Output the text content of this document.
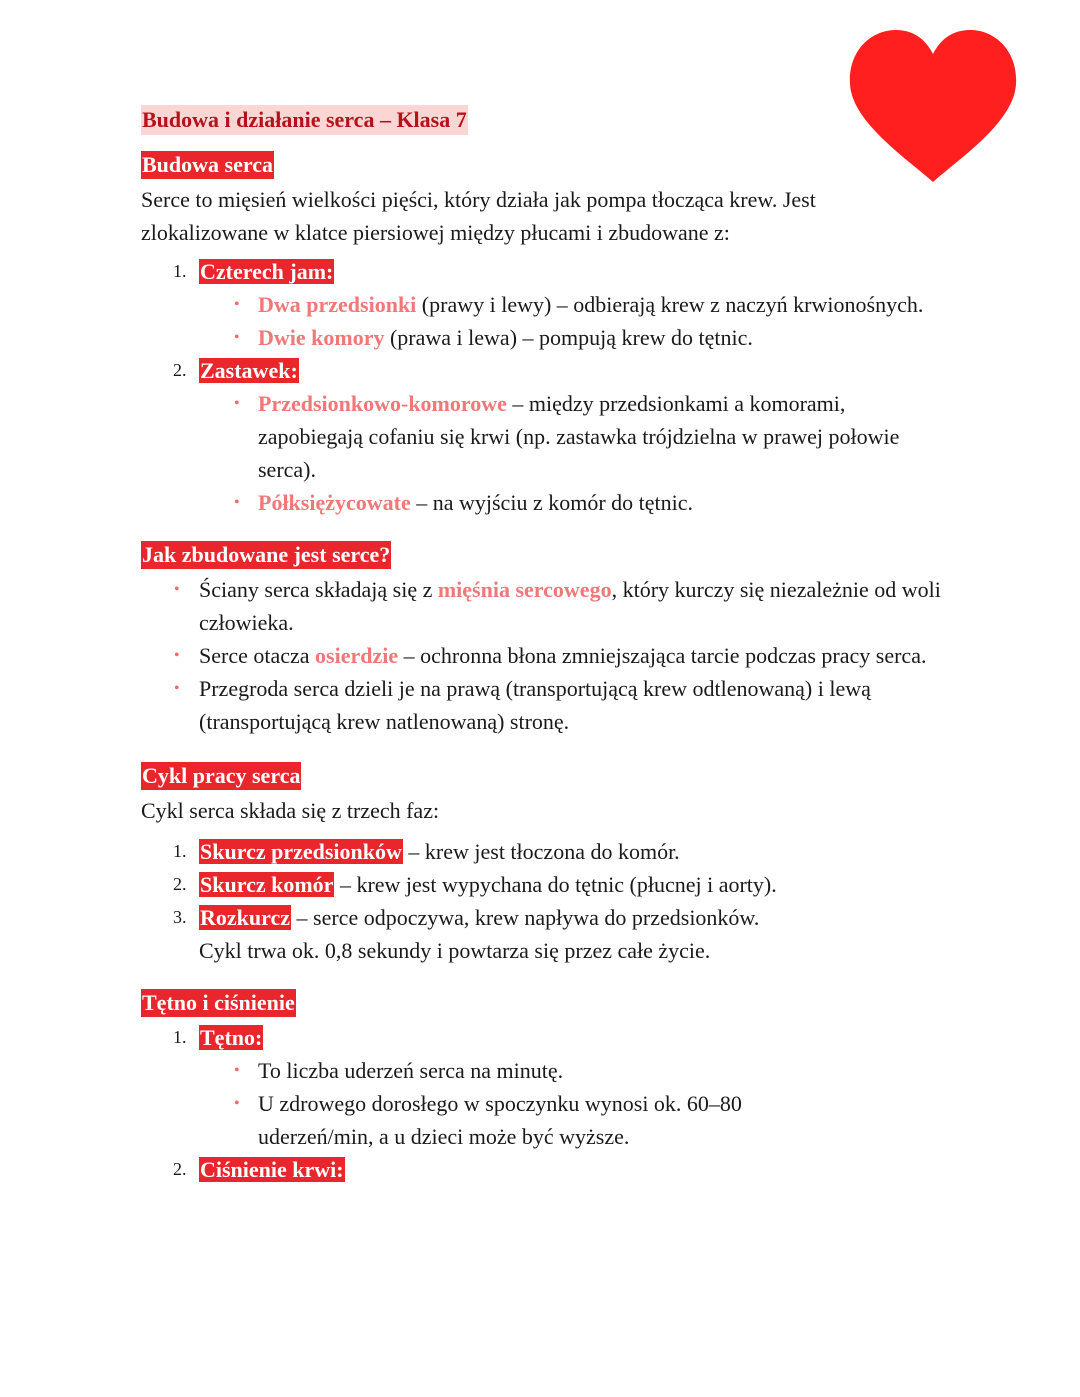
Budowa i działanie serca – Klasa 7
Budowa serca

Serce to mięsień wielkości pięści, który działa jak pompa tłocząca krew. Jest zlokalizowane w klatce piersiowej między płucami i zbudowane z:

1. Czterech jam:
• Dwa przedsionki (prawy i lewy) – odbierają krew z naczyń krwionośnych.
• Dwie komory (prawa i lewa) – pompują krew do tętnic.
2. Zastawek:
• Przedsionkowo-komorowe – między przedsionkami a komorami, zapobiegają cofaniu się krwi (np. zastawka trójdzielna w prawej połowie serca).
• Półksiężycowate – na wyjściu z komór do tętnic.
Jak zbudowane jest serce?
• Ściany serca składają się z mięśnia sercowego, który kurczy się niezależnie od woli człowieka.
• Serce otacza osierdzie – ochronna błona zmniejszająca tarcie podczas pracy serca.
• Przegroda serca dzieli je na prawą (transportującą krew odtlenowaną) i lewą (transportującą krew natlenowaną) stronę.
Cykl pracy serca

Cykl serca składa się z trzech faz:

1. Skurcz przedsionków – krew jest tłoczona do komór.
2. Skurcz komór – krew jest wypychana do tętnic (płucnej i aorty).
3. Rozkurcz – serce odpoczywa, krew napływa do przedsionków.

Cykl trwa ok. 0,8 sekundy i powtarza się przez całe życie.

Tętno i ciśnienie
1. Tętno:
• To liczba uderzeń serca na minutę.
• U zdrowego dorosłego w spoczynku wynosi ok. 60–80 uderzeń/min, a u dzieci może być wyższe.
2. Ciśnienie krwi:
